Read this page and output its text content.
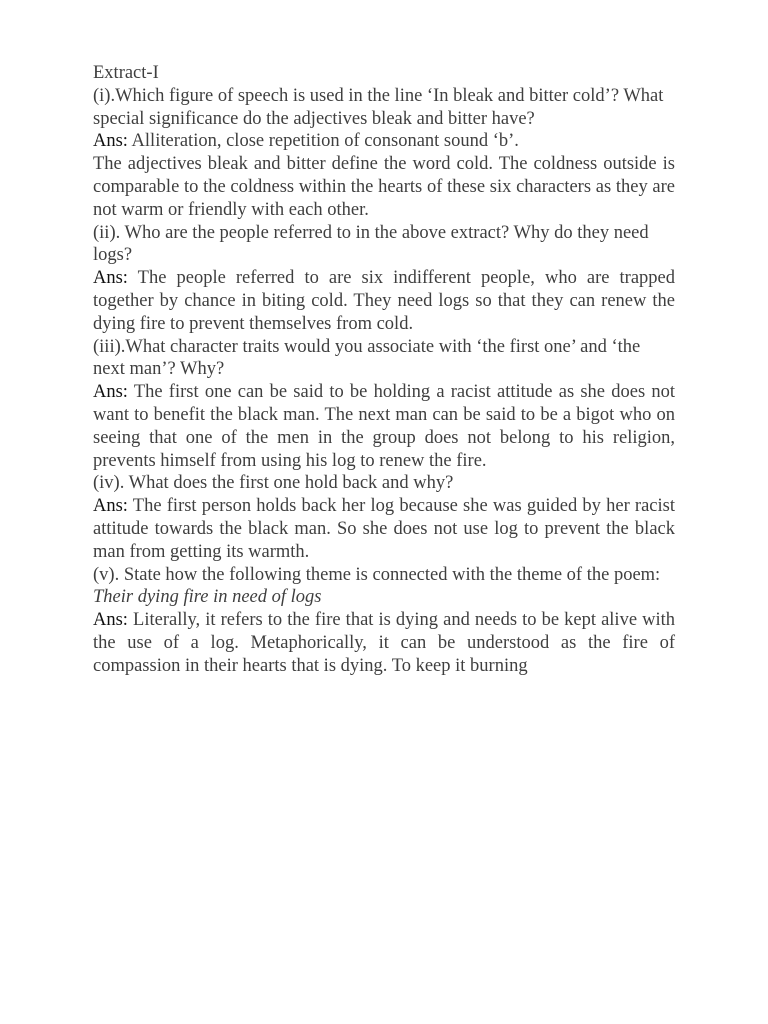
Extract-I

(i).Which figure of speech is used in the line ‘In bleak and bitter cold’? What special significance do the adjectives bleak and bitter have?

Ans: Alliteration, close repetition of consonant sound ‘b’.

The adjectives bleak and bitter define the word cold. The coldness outside is comparable to the coldness within the hearts of these six characters as they are not warm or friendly with each other.

(ii). Who are the people referred to in the above extract? Why do they need logs?

Ans: The people referred to are six indifferent people, who are trapped together by chance in biting cold. They need logs so that they can renew the dying fire to prevent themselves from cold.

(iii).What character traits would you associate with ‘the first one’ and ‘the next man’? Why?

Ans: The first one can be said to be holding a racist attitude as she does not want to benefit the black man. The next man can be said to be a bigot who on seeing that one of the men in the group does not belong to his religion, prevents himself from using his log to renew the fire.

(iv). What does the first one hold back and why?

Ans: The first person holds back her log because she was guided by her racist attitude towards the black man. So she does not use log to prevent the black man from getting its warmth.

(v). State how the following theme is connected with the theme of the poem: Their dying fire in need of logs

Ans: Literally, it refers to the fire that is dying and needs to be kept alive with the use of a log. Metaphorically, it can be understood as the fire of compassion in their hearts that is dying. To keep it burning
